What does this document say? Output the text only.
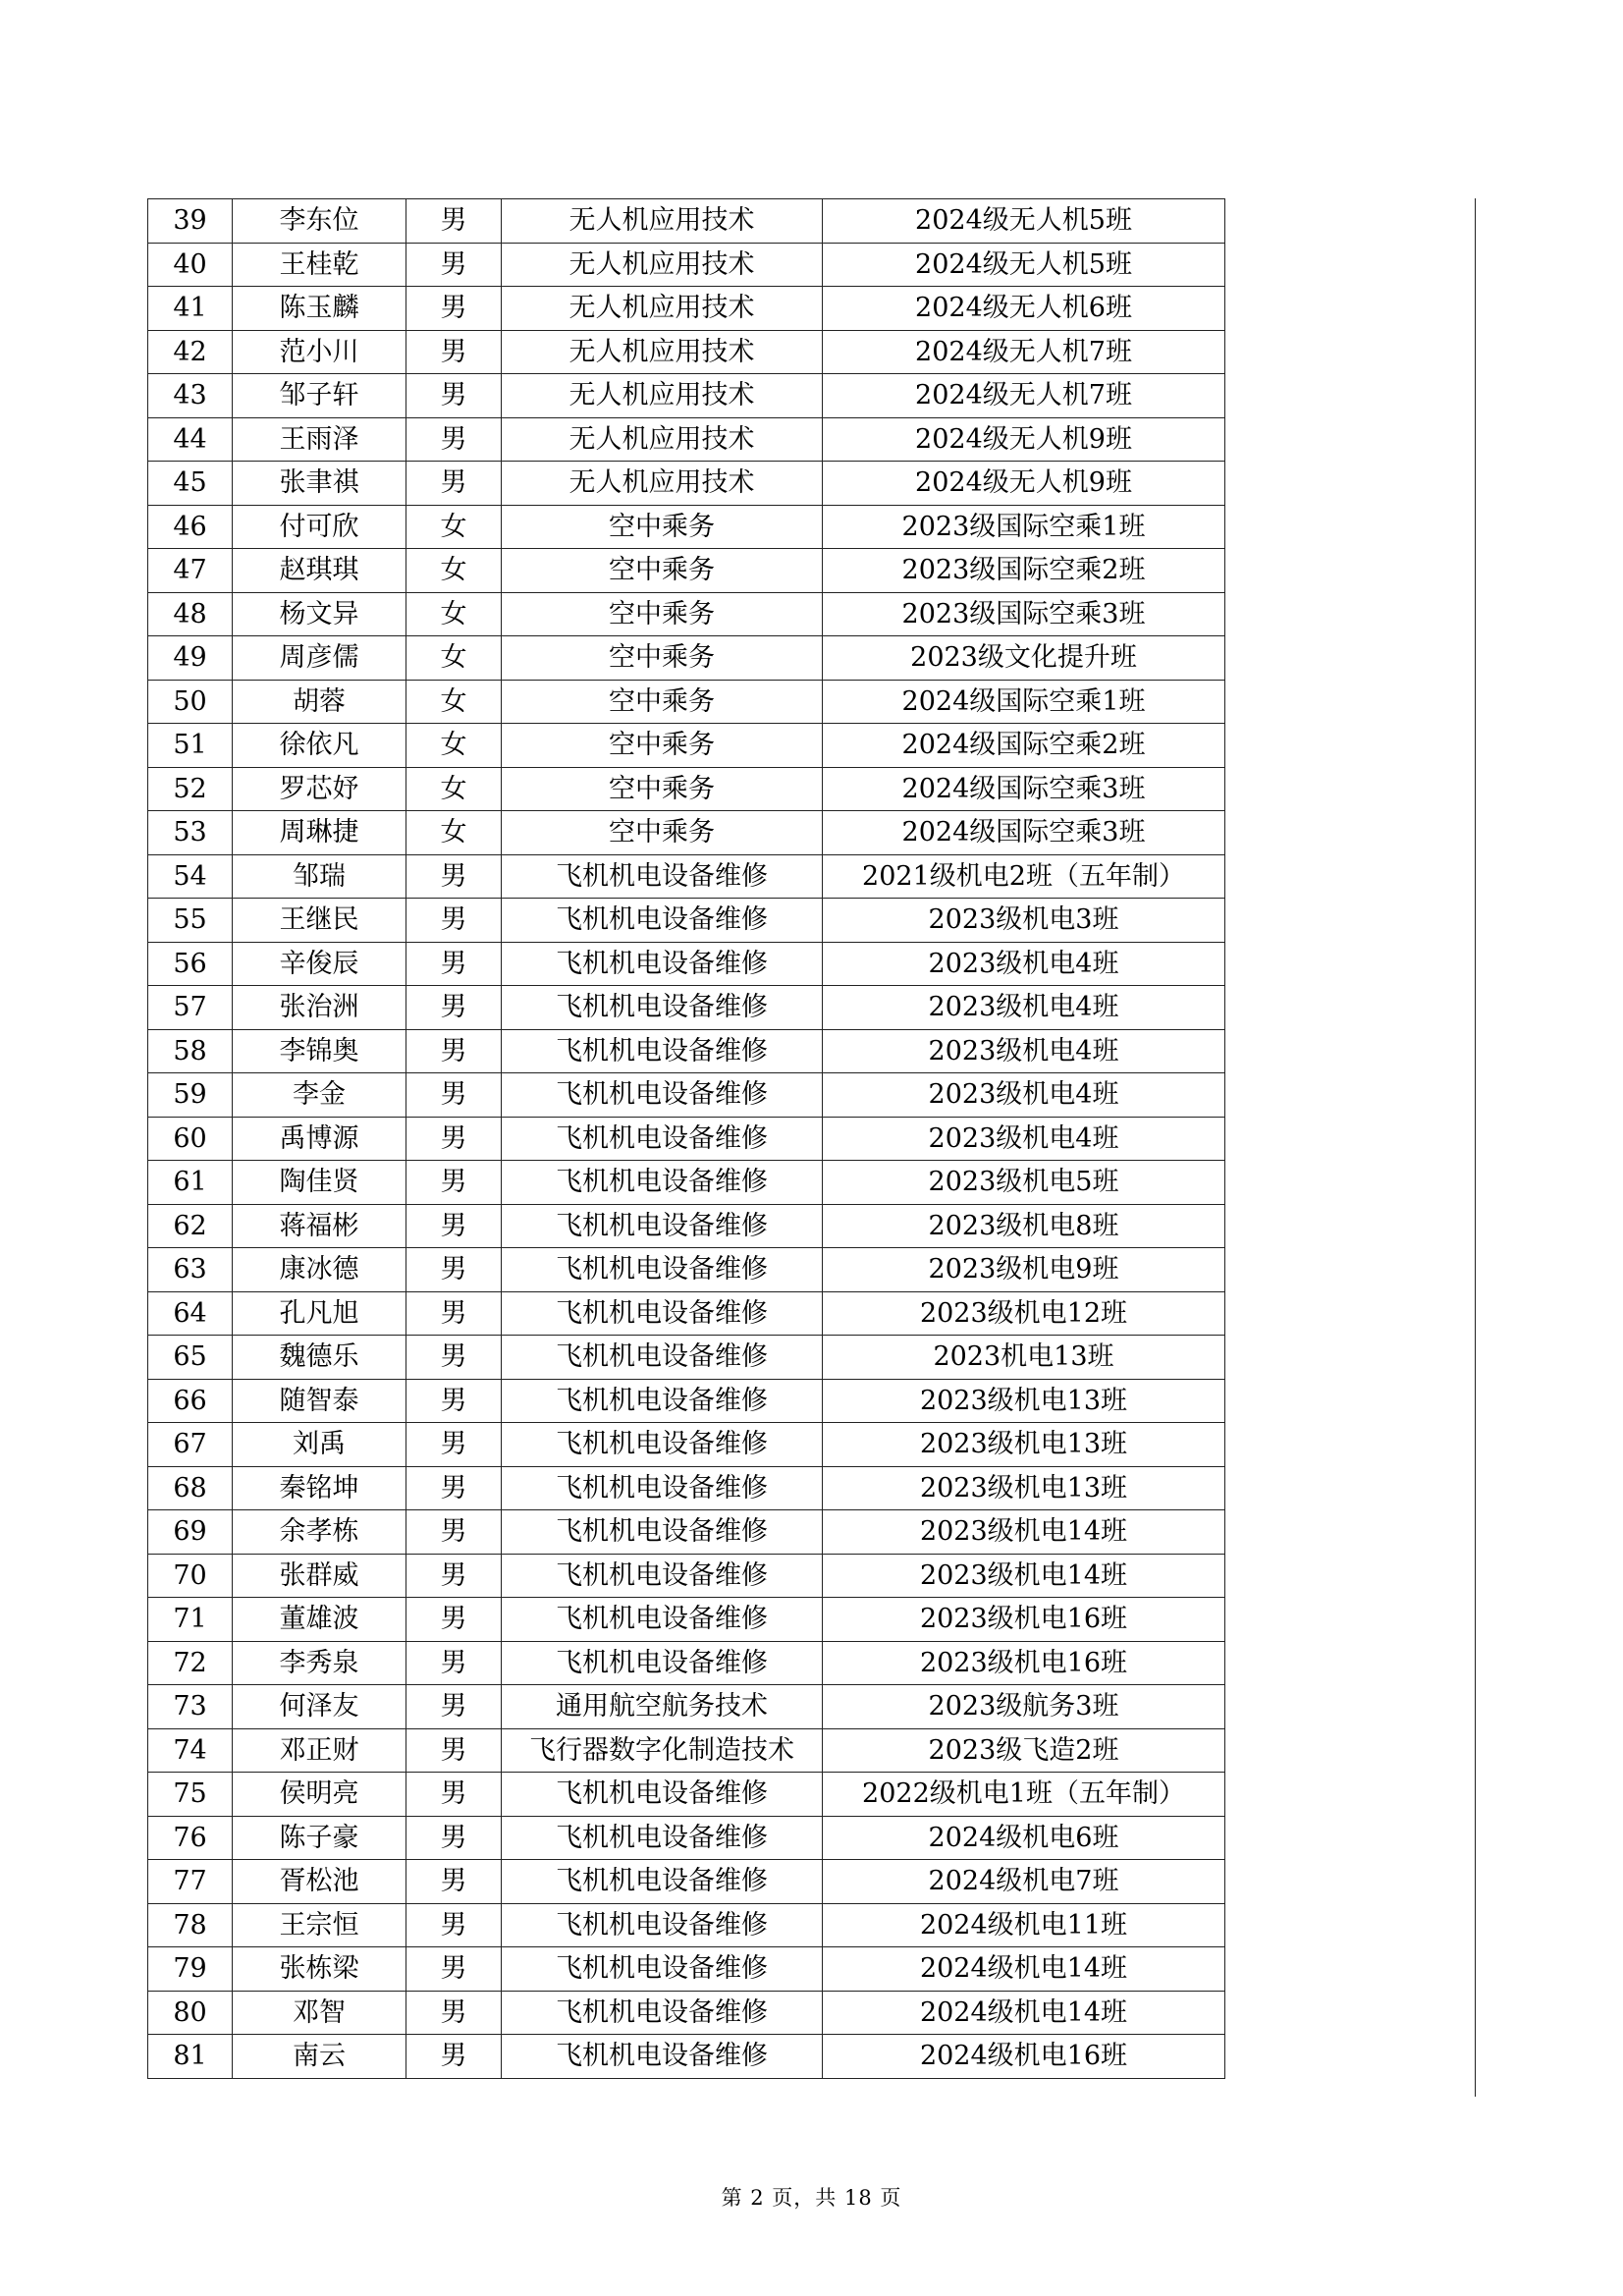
39	李东位	男	无人机应用技术	2024级无人机5班
40	王桂乾	男	无人机应用技术	2024级无人机5班
41	陈玉麟	男	无人机应用技术	2024级无人机6班
42	范小川	男	无人机应用技术	2024级无人机7班
43	邹子轩	男	无人机应用技术	2024级无人机7班
44	王雨泽	男	无人机应用技术	2024级无人机9班
45	张聿祺	男	无人机应用技术	2024级无人机9班
46	付可欣	女	空中乘务	2023级国际空乘1班
47	赵琪琪	女	空中乘务	2023级国际空乘2班
48	杨文异	女	空中乘务	2023级国际空乘3班
49	周彦儒	女	空中乘务	2023级文化提升班
50	胡蓉	女	空中乘务	2024级国际空乘1班
51	徐依凡	女	空中乘务	2024级国际空乘2班
52	罗芯妤	女	空中乘务	2024级国际空乘3班
53	周琳捷	女	空中乘务	2024级国际空乘3班
54	邹瑞	男	飞机机电设备维修	2021级机电2班（五年制）
55	王继民	男	飞机机电设备维修	2023级机电3班
56	辛俊辰	男	飞机机电设备维修	2023级机电4班
57	张治洲	男	飞机机电设备维修	2023级机电4班
58	李锦奥	男	飞机机电设备维修	2023级机电4班
59	李金	男	飞机机电设备维修	2023级机电4班
60	禹博源	男	飞机机电设备维修	2023级机电4班
61	陶佳贤	男	飞机机电设备维修	2023级机电5班
62	蒋福彬	男	飞机机电设备维修	2023级机电8班
63	康冰德	男	飞机机电设备维修	2023级机电9班
64	孔凡旭	男	飞机机电设备维修	2023级机电12班
65	魏德乐	男	飞机机电设备维修	2023机电13班
66	随智泰	男	飞机机电设备维修	2023级机电13班
67	刘禹	男	飞机机电设备维修	2023级机电13班
68	秦铭坤	男	飞机机电设备维修	2023级机电13班
69	余孝栋	男	飞机机电设备维修	2023级机电14班
70	张群威	男	飞机机电设备维修	2023级机电14班
71	董雄波	男	飞机机电设备维修	2023级机电16班
72	李秀泉	男	飞机机电设备维修	2023级机电16班
73	何泽友	男	通用航空航务技术	2023级航务3班
74	邓正财	男	飞行器数字化制造技术	2023级飞造2班
75	侯明亮	男	飞机机电设备维修	2022级机电1班（五年制）
76	陈子豪	男	飞机机电设备维修	2024级机电6班
77	胥松池	男	飞机机电设备维修	2024级机电7班
78	王宗恒	男	飞机机电设备维修	2024级机电11班
79	张栋梁	男	飞机机电设备维修	2024级机电14班
80	邓智	男	飞机机电设备维修	2024级机电14班
81	南云	男	飞机机电设备维修	2024级机电16班
第 2 页，共 18 页
